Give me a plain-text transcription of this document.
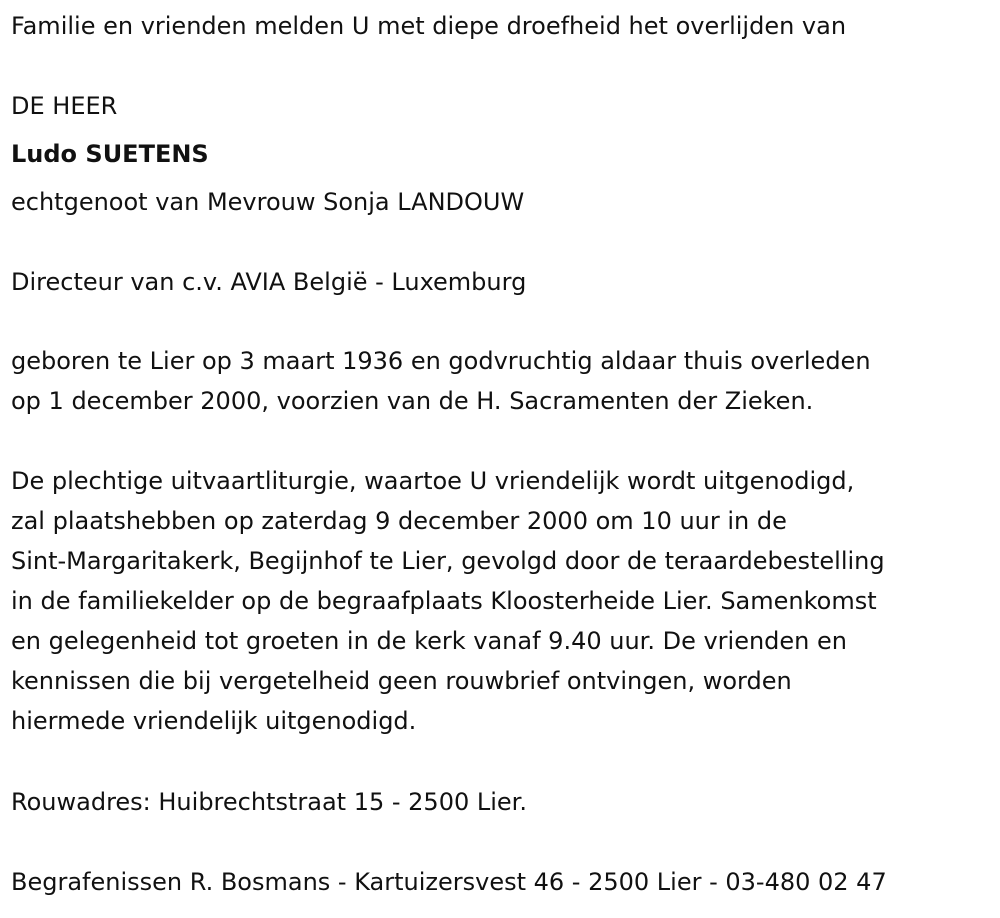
Familie en vrienden melden U met diepe droefheid het overlijden van

DE HEER

Ludo SUETENS

echtgenoot van Mevrouw Sonja LANDOUW

Directeur van c.v. AVIA België - Luxemburg

geboren te Lier op 3 maart 1936 en godvruchtig aldaar thuis overleden
op 1 december 2000, voorzien van de H. Sacramenten der Zieken.
De plechtige uitvaartliturgie, waartoe U vriendelijk wordt uitgenodigd,
zal plaatshebben op zaterdag 9 december 2000 om 10 uur in de
Sint-Margaritakerk, Begijnhof te Lier, gevolgd door de teraardebestelling
in de familiekelder op de begraafplaats Kloosterheide Lier. Samenkomst
en gelegenheid tot groeten in de kerk vanaf 9.40 uur. De vrienden en
kennissen die bij vergetelheid geen rouwbrief ontvingen, worden
hiermede vriendelijk uitgenodigd.

Rouwadres: Huibrechtstraat 15 - 2500 Lier.

Begrafenissen R. Bosmans - Kartuizersvest 46 - 2500 Lier - 03-480 02 47
